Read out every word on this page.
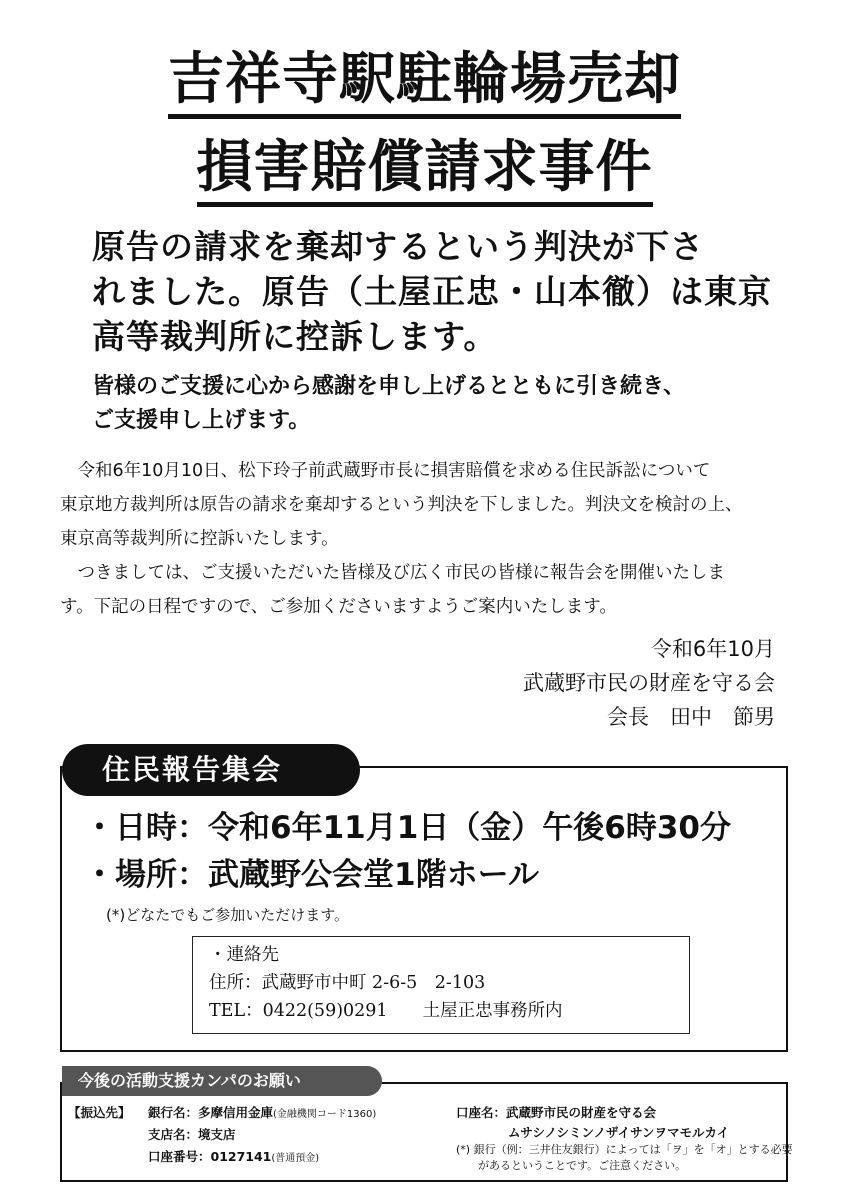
吉祥寺駅駐輪場売却
損害賠償請求事件
原告の請求を棄却するという判決が下さ
れました。原告（土屋正忠・山本徹）は東京
高等裁判所に控訴します。
皆様のご支援に心から感謝を申し上げるとともに引き続き、
ご支援申し上げます。
　令和6年10月10日、松下玲子前武蔵野市長に損害賠償を求める住民訴訟について
東京地方裁判所は原告の請求を棄却するという判決を下しました。判決文を検討の上、
東京高等裁判所に控訴いたします。
　つきましては、ご支援いただいた皆様及び広く市民の皆様に報告会を開催いたしま
す。下記の日程ですので、ご参加くださいますようご案内いたします。
令和6年10月
武蔵野市民の財産を守る会
会長　田中　節男
住民報告集会
・日時：令和6年11月1日（金）午後6時30分
・場所：武蔵野公会堂1階ホール
(*)どなたでもご参加いただけます。
・連絡先
住所：武蔵野市中町 2-6-5　2-103
TEL：0422(59)0291　　土屋正忠事務所内
今後の活動支援カンパのお願い
【振込先】 銀行名：多摩信用金庫(金融機関コード1360)
支店名：境支店
口座番号：0127141(普通預金)
口座名：武蔵野市民の財産を守る会
ムサシノシミンノザイサンヲマモルカイ
(*) 銀行（例：三井住友銀行）によっては「ヲ」を「オ」とする必要
があるということです。ご注意ください。
